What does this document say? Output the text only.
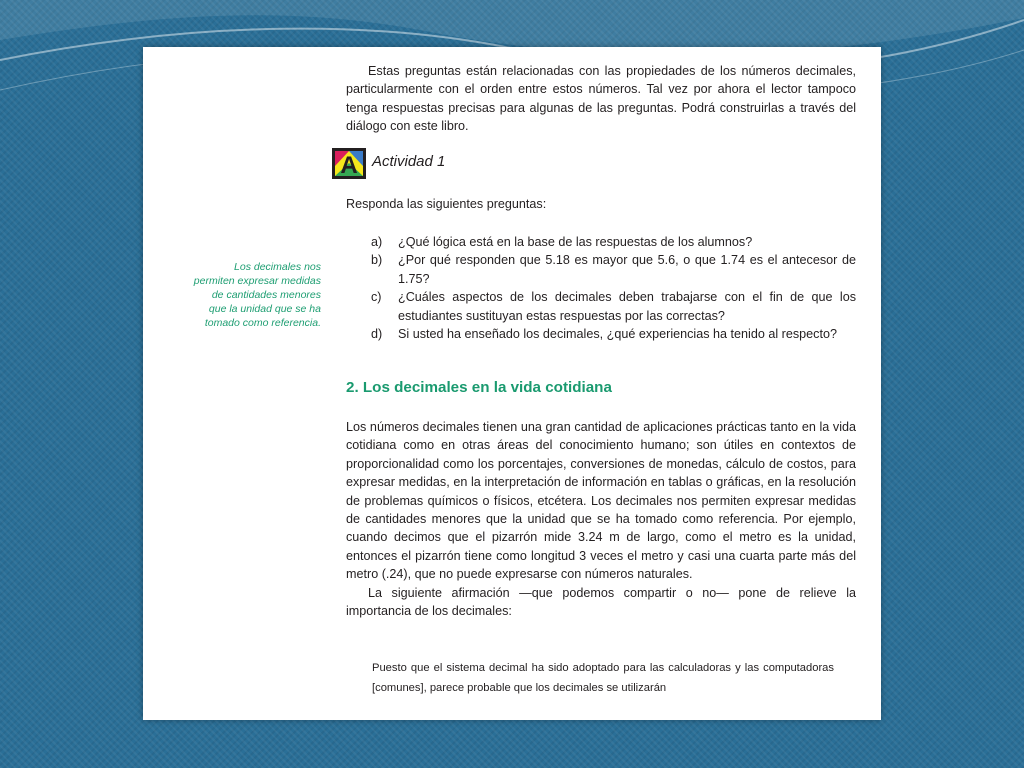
Estas preguntas están relacionadas con las propiedades de los números decimales, particularmente con el orden entre estos números. Tal vez por ahora el lector tampoco tenga respuestas precisas para algunas de las preguntas. Podrá construirlas a través del diálogo con este libro.
A Actividad 1
Responda las siguientes preguntas:
a) ¿Qué lógica está en la base de las respuestas de los alumnos?
b) ¿Por qué responden que 5.18 es mayor que 5.6, o que 1.74 es el antecesor de 1.75?
c) ¿Cuáles aspectos de los decimales deben trabajarse con el fin de que los estudiantes sustituyan estas respuestas por las correctas?
d) Si usted ha enseñado los decimales, ¿qué experiencias ha tenido al respecto?
Los decimales nos permiten expresar medidas de cantidades menores que la unidad que se ha tomado como referencia.
2. Los decimales en la vida cotidiana
Los números decimales tienen una gran cantidad de aplicaciones prácticas tanto en la vida cotidiana como en otras áreas del conocimiento humano; son útiles en contextos de proporcionalidad como los porcentajes, conversiones de monedas, cálculo de costos, para expresar medidas, en la interpretación de información en tablas o gráficas, en la resolución de problemas químicos o físicos, etcétera. Los decimales nos permiten expresar medidas de cantidades menores que la unidad que se ha tomado como referencia. Por ejemplo, cuando decimos que el pizarrón mide 3.24 m de largo, como el metro es la unidad, entonces el pizarrón tiene como longitud 3 veces el metro y casi una cuarta parte más del metro (.24), que no puede expresarse con números naturales.
La siguiente afirmación —que podemos compartir o no— pone de relieve la importancia de los decimales:
Puesto que el sistema decimal ha sido adoptado para las calculadoras y las computadoras [comunes], parece probable que los decimales se utilizarán
